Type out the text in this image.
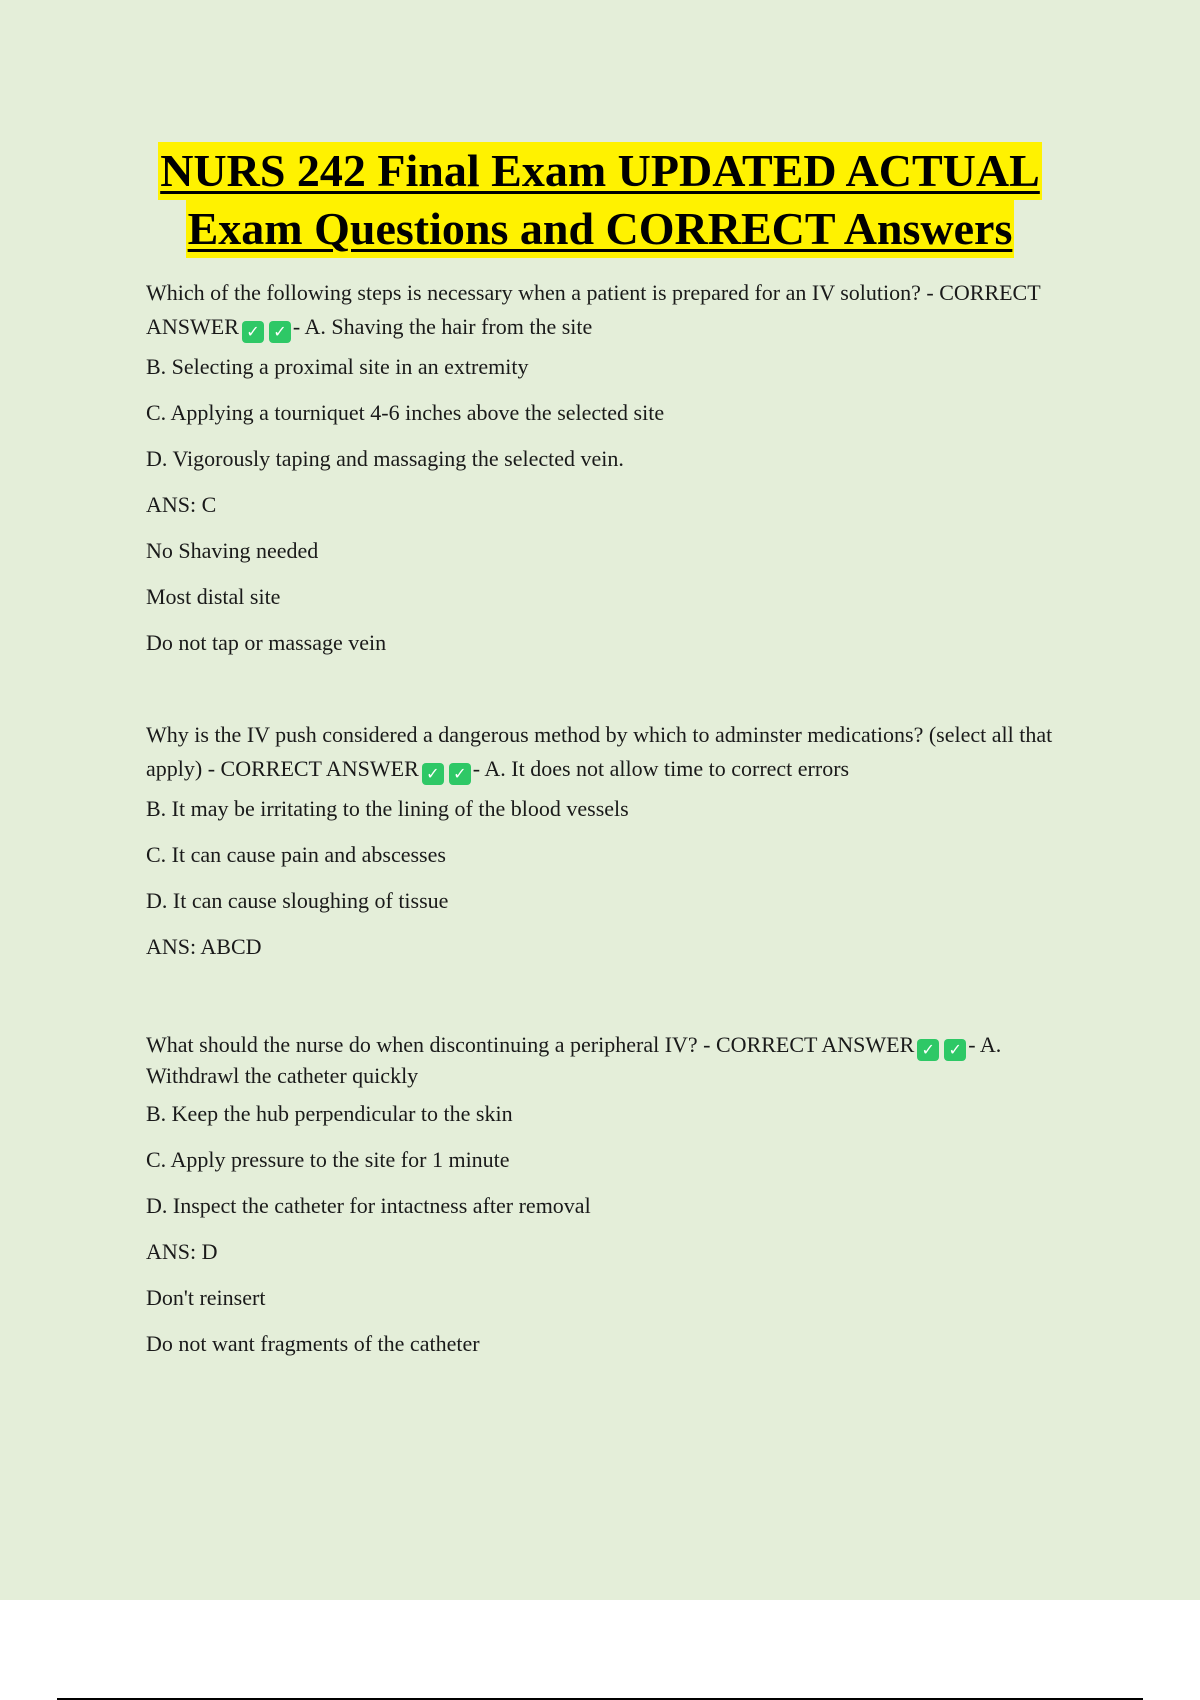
NURS 242 Final Exam UPDATED ACTUAL
Exam Questions and CORRECT Answers
Which of the following steps is necessary when a patient is prepared for an IV solution? - CORRECT ANSWER ✓ ✓ - A. Shaving the hair from the site
B. Selecting a proximal site in an extremity
C. Applying a tourniquet 4-6 inches above the selected site
D. Vigorously taping and massaging the selected vein.
ANS: C
No Shaving needed
Most distal site
Do not tap or massage vein
Why is the IV push considered a dangerous method by which to adminster medications? (select all that apply) - CORRECT ANSWER ✓ ✓ - A. It does not allow time to correct errors
B. It may be irritating to the lining of the blood vessels
C. It can cause pain and abscesses
D. It can cause sloughing of tissue
ANS: ABCD
What should the nurse do when discontinuing a peripheral IV? - CORRECT ANSWER ✓ ✓ - A. Withdrawl the catheter quickly
B. Keep the hub perpendicular to the skin
C. Apply pressure to the site for 1 minute
D. Inspect the catheter for intactness after removal
ANS: D
Don't reinsert
Do not want fragments of the catheter
